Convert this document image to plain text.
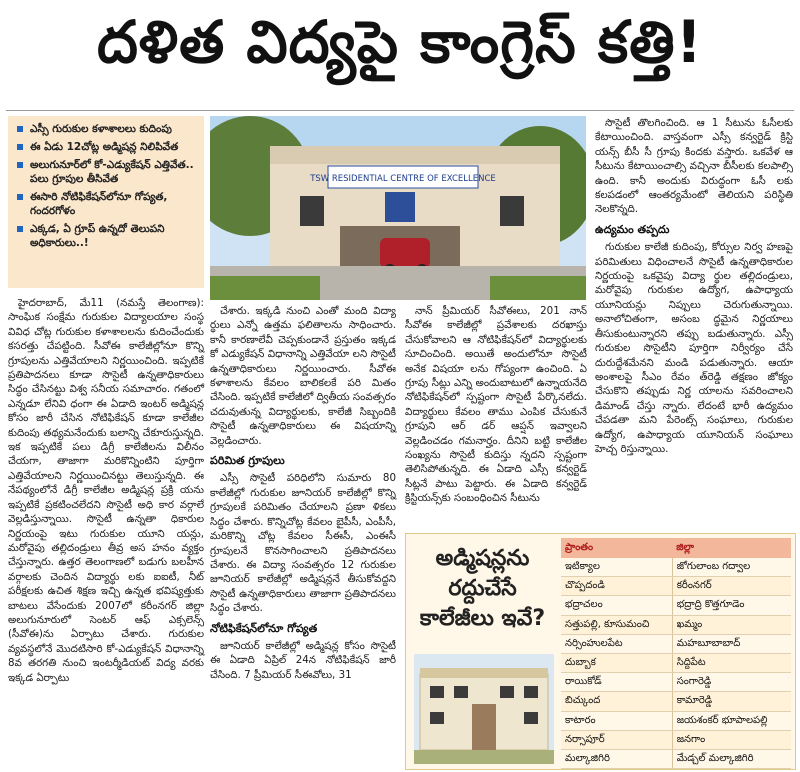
దళిత విద్యపై కాంగ్రెస్ కత్తి!
ఎస్సీ గురుకుల కళాశాలలు కుదింపు
ఈ ఏడు 12చోట్ల అడ్మిషన్ల నిలిపివేత
అలుగునూర్‌లో కో-ఎడ్యుకేషన్ ఎత్తివేత.. పలు గ్రూపుల తీసివేత
ఈసారి నోటిఫికేషన్‌లోనూ గోప్యత, గందరగోళం
ఎక్కడ, ఏ గ్రూప్ ఉన్నదో తెలుపని అధికారులు..!
TSW RESIDENTIAL CENTRE OF EXCELLENCE

హైదరాబాద్, మే11 (నమస్తే తెలంగాణ): సాంఘిక సంక్షేమ గురుకుల విద్యాలయాల సంస్థ వివిధ చోట్ల గురుకుల కళాశాలలను కుదించేందుకు కసరత్తు చేపట్టింది. సీవోఈ కాలేజీల్లోనూ కొన్ని గ్రూపులను ఎత్తివేయాలని నిర్ణయించింది. ఇప్పటికే ప్రతిపాదనలు కూడా సొసైటీ ఉన్నతాధికారులు సిద్ధం చేసినట్టు విశ్వ సనీయ సమాచారం. గతంలో ఎన్నడూ లేనివి ధంగా ఈ ఏడాది ఇంటర్ అడ్మిషన్ల కోసం జారీ చేసిన నోటిఫికేషన్ కూడా కాలేజీల కుదింపు తథ్యమనేందుకు బలాన్ని చేకూరుస్తున్నది. ఇక ఇప్పటికే పలు డిగ్రీ కాలేజీలను విలీనం చేయగా, తాజాగా మరికొన్నింటిని పూర్తిగా ఎత్తివేయాలని నిర్ణయించినట్టు తెలుస్తున్నది. ఈ నేపథ్యంలోనే డిగ్రీ కాలేజీల అడ్మిషన్ల ప్రక్రి యను ఇప్పటికే ప్రకటించలేదని సొసైటీ అధి కార వర్గాలే వెల్లడిస్తున్నాయి. సొసైటీ ఉన్నతా ధికారుల నిర్ణయంపై ఇటు గురుకుల యూని యన్లు, మరోవైపు తల్లిదండ్రులు తీవ్ర అస హనం వ్యక్తం చేస్తున్నారు. ఉత్తర తెలంగాణలో బడుగు బలహీన వర్గాలకు చెందిన విద్యార్థు లకు ఐఐటీ, నీట్ పరీక్షలకు ఉచిత శిక్షణ ఇచ్చి ఉన్నత భవిష్యత్తుకు బాటలు వేసేందుకు 2007లో కరీంనగర్ జిల్లా అలుగునూరులో సెంటర్ ఆఫ్ ఎక్సలెన్స్ (సీవోఈ)ను ఏర్పాటు చేశారు. గురుకుల వ్యవస్థలోనే మొదటిసారి కో-ఎడ్యుకేషన్ విధానాన్ని 8వ తరగతి నుంచి ఇంటర్మీడియట్ విద్య వరకు ఇక్కడ ఏర్పాటు

చేశారు. ఇక్కడి నుంచి ఎంతో మంది విద్యా ర్థులు ఎన్నో ఉత్తమ ఫలితాలను సాధించారు. కానీ కారణాలేవీ చెప్పకుండానే ప్రస్తుతం ఇక్కడ కో ఎడ్యుకేషన్ విధానాన్ని ఎత్తివేయా లని సొసైటీ ఉన్నతాధికారులు నిర్ణయించారు. సీవోఈ కళాశాలను కేవలం బాలికలకే పరి మితం చేసింది. ఇప్పటికే కాలేజీలో ద్వితీయ సంవత్సరం చదువుతున్న విద్యార్థులకు, కాలేజీ సిబ్బందికి సొసైటీ ఉన్నతాధికారులు ఈ విషయాన్ని వెల్లడించారు.

పరిమిత గ్రూపులు

ఎస్సీ సొసైటీ పరిధిలోని సుమారు 80 కాలేజీల్లో గురుకుల జూనియర్ కాలేజీల్లో కొన్ని గ్రూపులకే పరిమితం చేయాలని ప్రణా ళికలు సిద్ధం చేశారు. కొన్నిచోట్ల కేవలం బైపీసీ, ఎంపీసీ, మరికొన్ని చోట్ల కేవలం సీఈసీ, ఎంఈసీ గ్రూపులనే కొనసాగించాలని ప్రతిపాదనలు చేశారు. ఈ విద్యా సంవత్సరం 12 గురుకుల జూనియర్ కాలేజీల్లో అడ్మిషన్లనే తీసుకోవద్దని సొసైటీ ఉన్నతాధికారులు తాజాగా ప్రతిపాదనలు సిద్ధం చేశారు.

నోటిఫికేషన్‌లోనూ గోప్యత

జూనియర్ కాలేజీల్లో అడ్మిషన్ల కోసం సొసైటీ ఈ ఏడాది ఏప్రిల్ 24న నోటిఫికేషన్ జారీ చేసింది. 7 ప్రీమియర్ సీఈవోలు, 31

నాన్ ప్రీమియర్ సీవోఈలు, 201 నాన్ సీవోఈ కాలేజీల్లో ప్రవేశాలకు దరఖాస్తు చేసుకోవాలని ఆ నోటిఫికేషన్‌లో విద్యార్థులకు సూచించింది. అయితే అందులోనూ సొసైటీ అనేక విషయా లను గోప్యంగా ఉంచింది. ఏ గ్రూపు సీట్లు ఎన్ని అందుబాటులో ఉన్నాయనేది నోటిఫికేషన్‌లో స్పష్టంగా సొసైటీ పేర్కొనలేదు. విద్యార్థులు కేవలం తాము ఎంపిక చేసుకునే గ్రూపుని ఆర్ డర్ ఆప్షన్ ఇవ్వాలని వెల్లడించడం గమనార్హం. దీనిని బట్టి కాలేజీల సంఖ్యను సొసైటీ కుదిస్తు న్నదని స్పష్టంగా తెలిసిపోతున్నది. ఈ ఏడాది ఎస్సీ కన్వర్టెడ్ సీట్లనే పాటు పెట్టారు. ఈ ఏడాది కన్వర్టెడ్ క్రిస్టియన్స్‌కు సంబంధించిన సీటును

సొసైటీ తొలగించింది. ఆ 1 సీటును ఓసీలకు కేటాయించింది. వాస్తవంగా ఎస్సీ కన్వర్టెడ్ క్రిస్టి యన్స్ బీసీ సీ గ్రూపు కిందకు వస్తారు. ఒకవేళ ఆ సీటును కేటాయించాల్సి వచ్చినా బీసీలకు కలపాల్సి ఉంది. కానీ అందుకు విరుద్ధంగా ఓసీ లకు కలపడంలో ఆంతర్యమేంటో తెలియని పరిస్థితి నెలకొన్నది.

ఉద్యమం తప్పదు

గురుకుల కాలేజీ కుదింపు, కోర్సుల నిర్వ హణపై పరిమితులు విధించాలనే సొసైటీ ఉన్నతాధికారుల నిర్ణయంపై ఒకవైపు విద్యా ర్థుల తల్లిదండ్రులు, మరోవైపు గురుకుల ఉద్యోగ, ఉపాధ్యాయ యూనియన్లు నిప్పులు చెరుగుతున్నాయి. అనాలోచితంగా, అసంబ ద్ధమైన నిర్ణయాలు తీసుకుంటున్నారని తప్పు బడుతున్నారు. ఎస్సీ గురుకుల సొసైటీని పూర్తిగా నిర్వీర్యం చేసే దురుద్దేశమేనని మండి పడుతున్నారు. ఆయా అంశాలపై సీఎం రేవం త్‌రెడ్డి తక్షణం జోక్యం చేసుకొని తప్పుడు నిర్ణ యాలను సవరించాలని డిమాండ్ చేస్తు న్నారు. లేదంటే భారీ ఉద్యమం చేపడతా మని పేరెంట్స్ సంఘాలు, గురుకుల ఉద్యోగ, ఉపాధ్యాయ యూనియన్ సంఘాలు హెచ్చ రిస్తున్నాయి.

అడ్మిషన్లను రద్దుచేసే కాలేజీలు ఇవే?
ప్రాంతం	జిల్లా
ఇటిక్యాల	జోగులాంబ గద్వాల
చొప్పదండి	కరీంనగర్
భద్రాచలం	భద్రాద్రి కొత్తగూడెం
సత్తుపల్లి, కూసుమంచి	ఖమ్మం
నర్సింహులపేట	మహబూబాబాద్
దుబ్బాక	సిద్దిపేట
రాయికోడ్	సంగారెడ్డి
బిచ్కుంద	కామారెడ్డి
కాటారం	జయశంకర్ భూపాలపల్లి
నర్సాపూర్	జనగాం
మల్కాజిగిరి	మేడ్చల్ మల్కాజిగిరి
